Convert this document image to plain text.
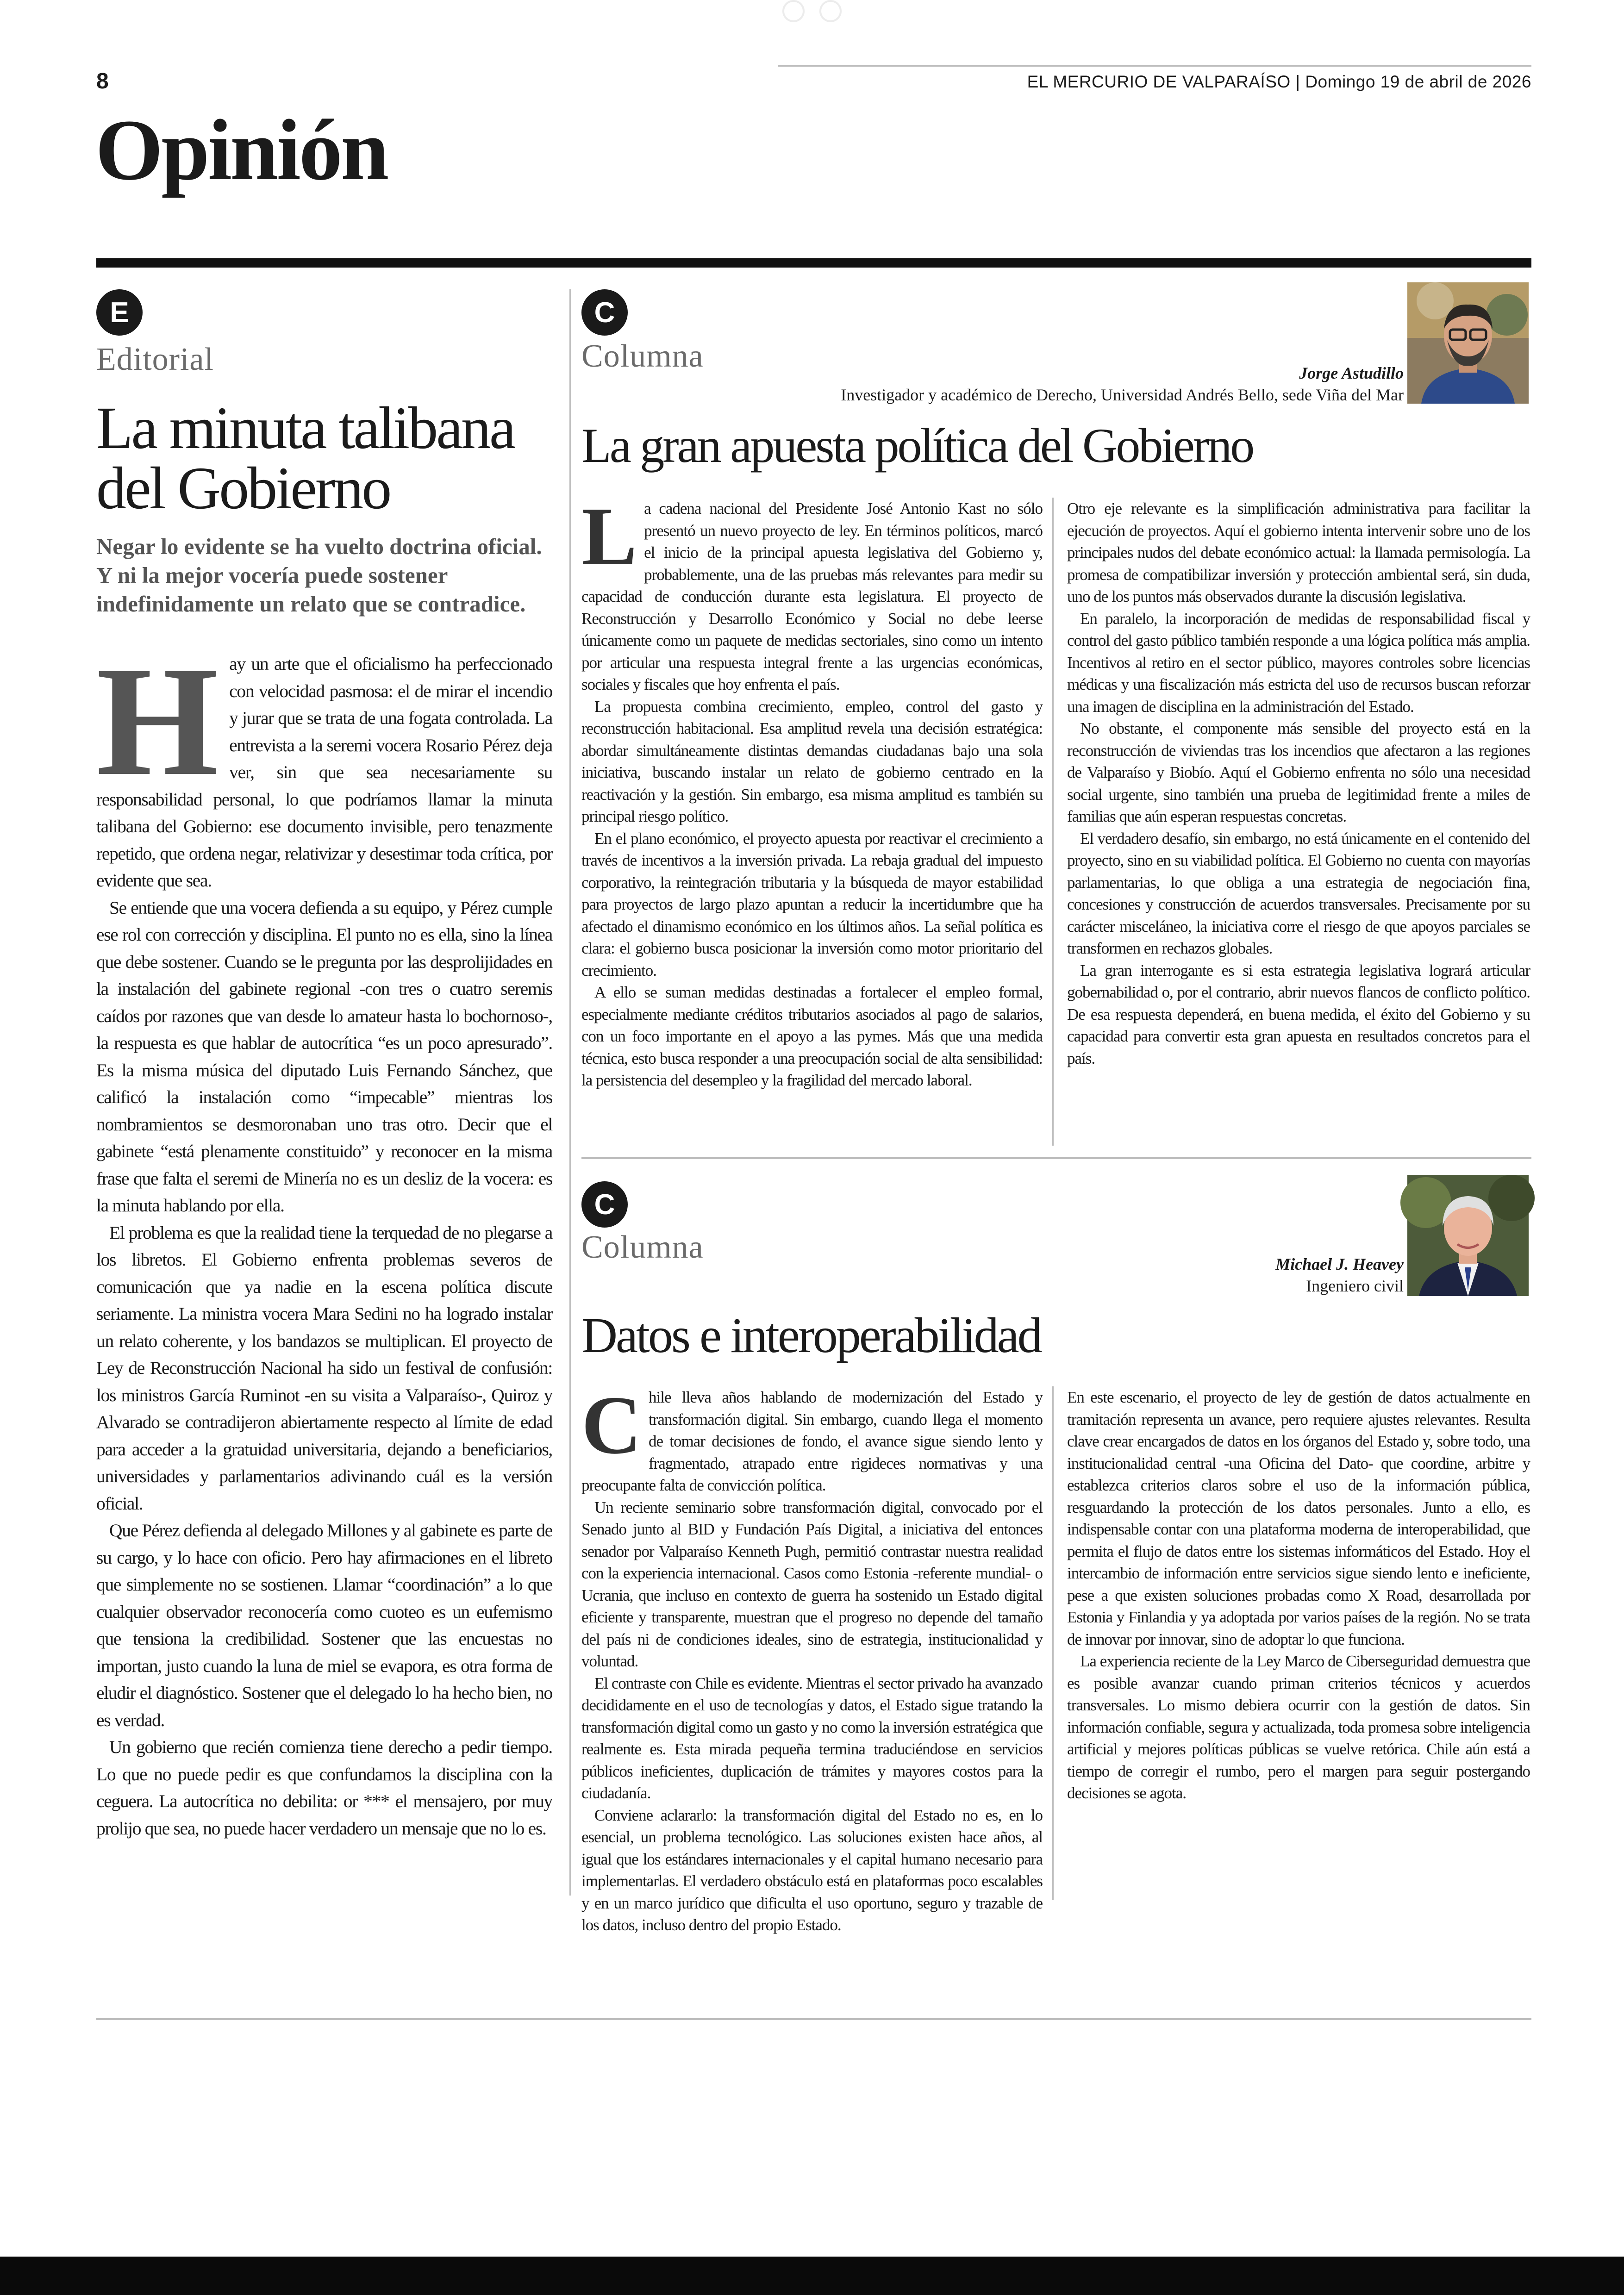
8	EL MERCURIO DE VALPARAÍSO | Domingo 19 de abril de 2026
Opinión
E
Editorial
La minuta talibana
del Gobierno
Negar lo evidente se ha vuelto doctrina oficial. Y ni la mejor vocería puede sostener indefinidamente un relato que se contradice.
H ay un arte que el oficialismo ha perfeccionado con velocidad pasmosa: el de mirar el incendio y jurar que se trata de una fogata controlada. La entrevista a la seremi vocera Rosario Pérez deja ver, sin que sea necesariamente su responsabilidad personal, lo que podríamos llamar la minuta talibana del Gobierno: ese documento invisible, pero tenazmente repetido, que ordena negar, relativizar y desestimar toda crítica, por evidente que sea.

Se entiende que una vocera defienda a su equipo, y Pérez cumple ese rol con corrección y disciplina. El punto no es ella, sino la línea que debe sostener. Cuando se le pregunta por las desprolijidades en la instalación del gabinete regional -con tres o cuatro seremis caídos por razones que van desde lo amateur hasta lo bochornoso-, la respuesta es que hablar de autocrítica “es un poco apresurado”. Es la misma música del diputado Luis Fernando Sánchez, que calificó la instalación como “impecable” mientras los nombramientos se desmoronaban uno tras otro. Decir que el gabinete “está plenamente constituido” y reconocer en la misma frase que falta el seremi de Minería no es un desliz de la vocera: es la minuta hablando por ella.

El problema es que la realidad tiene la terquedad de no plegarse a los libretos. El Gobierno enfrenta problemas severos de comunicación que ya nadie en la escena política discute seriamente. La ministra vocera Mara Sedini no ha logrado instalar un relato coherente, y los bandazos se multiplican. El proyecto de Ley de Reconstrucción Nacional ha sido un festival de confusión: los ministros García Ruminot -en su visita a Valparaíso-, Quiroz y Alvarado se contradijeron abiertamente respecto al límite de edad para acceder a la gratuidad universitaria, dejando a beneficiarios, universidades y parlamentarios adivinando cuál es la versión oficial.

Que Pérez defienda al delegado Millones y al gabinete es parte de su cargo, y lo hace con oficio. Pero hay afirmaciones en el libreto que simplemente no se sostienen. Llamar “coordinación” a lo que cualquier observador reconocería como cuoteo es un eufemismo que tensiona la credibilidad. Sostener que las encuestas no importan, justo cuando la luna de miel se evapora, es otra forma de eludir el diagnóstico. Sostener que el delegado lo ha hecho bien, no es verdad.

Un gobierno que recién comienza tiene derecho a pedir tiempo. Lo que no puede pedir es que confundamos la disciplina con la ceguera. La autocrítica no debilita: or *** el mensajero, por muy prolijo que sea, no puede hacer verdadero un mensaje que no lo es.

C
Columna	Jorge Astudillo
Investigador y académico de Derecho, Universidad Andrés Bello, sede Viña del Mar
La gran apuesta política del Gobierno
L a cadena nacional del Presidente José Antonio Kast no sólo presentó un nuevo proyecto de ley. En términos políticos, marcó el inicio de la principal apuesta legislativa del Gobierno y, probablemente, una de las pruebas más relevantes para medir su capacidad de conducción durante esta legislatura. El proyecto de Reconstrucción y Desarrollo Económico y Social no debe leerse únicamente como un paquete de medidas sectoriales, sino como un intento por articular una respuesta integral frente a las urgencias económicas, sociales y fiscales que hoy enfrenta el país.

La propuesta combina crecimiento, empleo, control del gasto y reconstrucción habitacional. Esa amplitud revela una decisión estratégica: abordar simultáneamente distintas demandas ciudadanas bajo una sola iniciativa, buscando instalar un relato de gobierno centrado en la reactivación y la gestión. Sin embargo, esa misma amplitud es también su principal riesgo político.

En el plano económico, el proyecto apuesta por reactivar el crecimiento a través de incentivos a la inversión privada. La rebaja gradual del impuesto corporativo, la reintegración tributaria y la búsqueda de mayor estabilidad para proyectos de largo plazo apuntan a reducir la incertidumbre que ha afectado el dinamismo económico en los últimos años. La señal política es clara: el gobierno busca posicionar la inversión como motor prioritario del crecimiento.

A ello se suman medidas destinadas a fortalecer el empleo formal, especialmente mediante créditos tributarios asociados al pago de salarios, con un foco importante en el apoyo a las pymes. Más que una medida técnica, esto busca responder a una preocupación social de alta sensibilidad: la persistencia del desempleo y la fragilidad del mercado laboral.

Otro eje relevante es la simplificación administrativa para facilitar la ejecución de proyectos. Aquí el gobierno intenta intervenir sobre uno de los principales nudos del debate económico actual: la llamada permisología. La promesa de compatibilizar inversión y protección ambiental será, sin duda, uno de los puntos más observados durante la discusión legislativa.

En paralelo, la incorporación de medidas de responsabilidad fiscal y control del gasto público también responde a una lógica política más amplia. Incentivos al retiro en el sector público, mayores controles sobre licencias médicas y una fiscalización más estricta del uso de recursos buscan reforzar una imagen de disciplina en la administración del Estado.

No obstante, el componente más sensible del proyecto está en la reconstrucción de viviendas tras los incendios que afectaron a las regiones de Valparaíso y Biobío. Aquí el Gobierno enfrenta no sólo una necesidad social urgente, sino también una prueba de legitimidad frente a miles de familias que aún esperan respuestas concretas.

El verdadero desafío, sin embargo, no está únicamente en el contenido del proyecto, sino en su viabilidad política. El Gobierno no cuenta con mayorías parlamentarias, lo que obliga a una estrategia de negociación fina, concesiones y construcción de acuerdos transversales. Precisamente por su carácter misceláneo, la iniciativa corre el riesgo de que apoyos parciales se transformen en rechazos globales.

La gran interrogante es si esta estrategia legislativa logrará articular gobernabilidad o, por el contrario, abrir nuevos flancos de conflicto político. De esa respuesta dependerá, en buena medida, el éxito del Gobierno y su capacidad para convertir esta gran apuesta en resultados concretos para el país.

C
Columna	Michael J. Heavey
Ingeniero civil
Datos e interoperabilidad
C hile lleva años hablando de modernización del Estado y transformación digital. Sin embargo, cuando llega el momento de tomar decisiones de fondo, el avance sigue siendo lento y fragmentado, atrapado entre rigideces normativas y una preocupante falta de convicción política.

Un reciente seminario sobre transformación digital, convocado por el Senado junto al BID y Fundación País Digital, a iniciativa del entonces senador por Valparaíso Kenneth Pugh, permitió contrastar nuestra realidad con la experiencia internacional. Casos como Estonia -referente mundial- o Ucrania, que incluso en contexto de guerra ha sostenido un Estado digital eficiente y transparente, muestran que el progreso no depende del tamaño del país ni de condiciones ideales, sino de estrategia, institucionalidad y voluntad.

El contraste con Chile es evidente. Mientras el sector privado ha avanzado decididamente en el uso de tecnologías y datos, el Estado sigue tratando la transformación digital como un gasto y no como la inversión estratégica que realmente es. Esta mirada pequeña termina traduciéndose en servicios públicos ineficientes, duplicación de trámites y mayores costos para la ciudadanía.

Conviene aclararlo: la transformación digital del Estado no es, en lo esencial, un problema tecnológico. Las soluciones existen hace años, al igual que los estándares internacionales y el capital humano necesario para implementarlas. El verdadero obstáculo está en plataformas poco escalables y en un marco jurídico que dificulta el uso oportuno, seguro y trazable de los datos, incluso dentro del propio Estado.

En este escenario, el proyecto de ley de gestión de datos actualmente en tramitación representa un avance, pero requiere ajustes relevantes. Resulta clave crear encargados de datos en los órganos del Estado y, sobre todo, una institucionalidad central -una Oficina del Dato- que coordine, arbitre y establezca criterios claros sobre el uso de la información pública, resguardando la protección de los datos personales. Junto a ello, es indispensable contar con una plataforma moderna de interoperabilidad, que permita el flujo de datos entre los sistemas informáticos del Estado. Hoy el intercambio de información entre servicios sigue siendo lento e ineficiente, pese a que existen soluciones probadas como X Road, desarrollada por Estonia y Finlandia y ya adoptada por varios países de la región. No se trata de innovar por innovar, sino de adoptar lo que funciona.

La experiencia reciente de la Ley Marco de Ciberseguridad demuestra que es posible avanzar cuando priman criterios técnicos y acuerdos transversales. Lo mismo debiera ocurrir con la gestión de datos. Sin información confiable, segura y actualizada, toda promesa sobre inteligencia artificial y mejores políticas públicas se vuelve retórica. Chile aún está a tiempo de corregir el rumbo, pero el margen para seguir postergando decisiones se agota.
